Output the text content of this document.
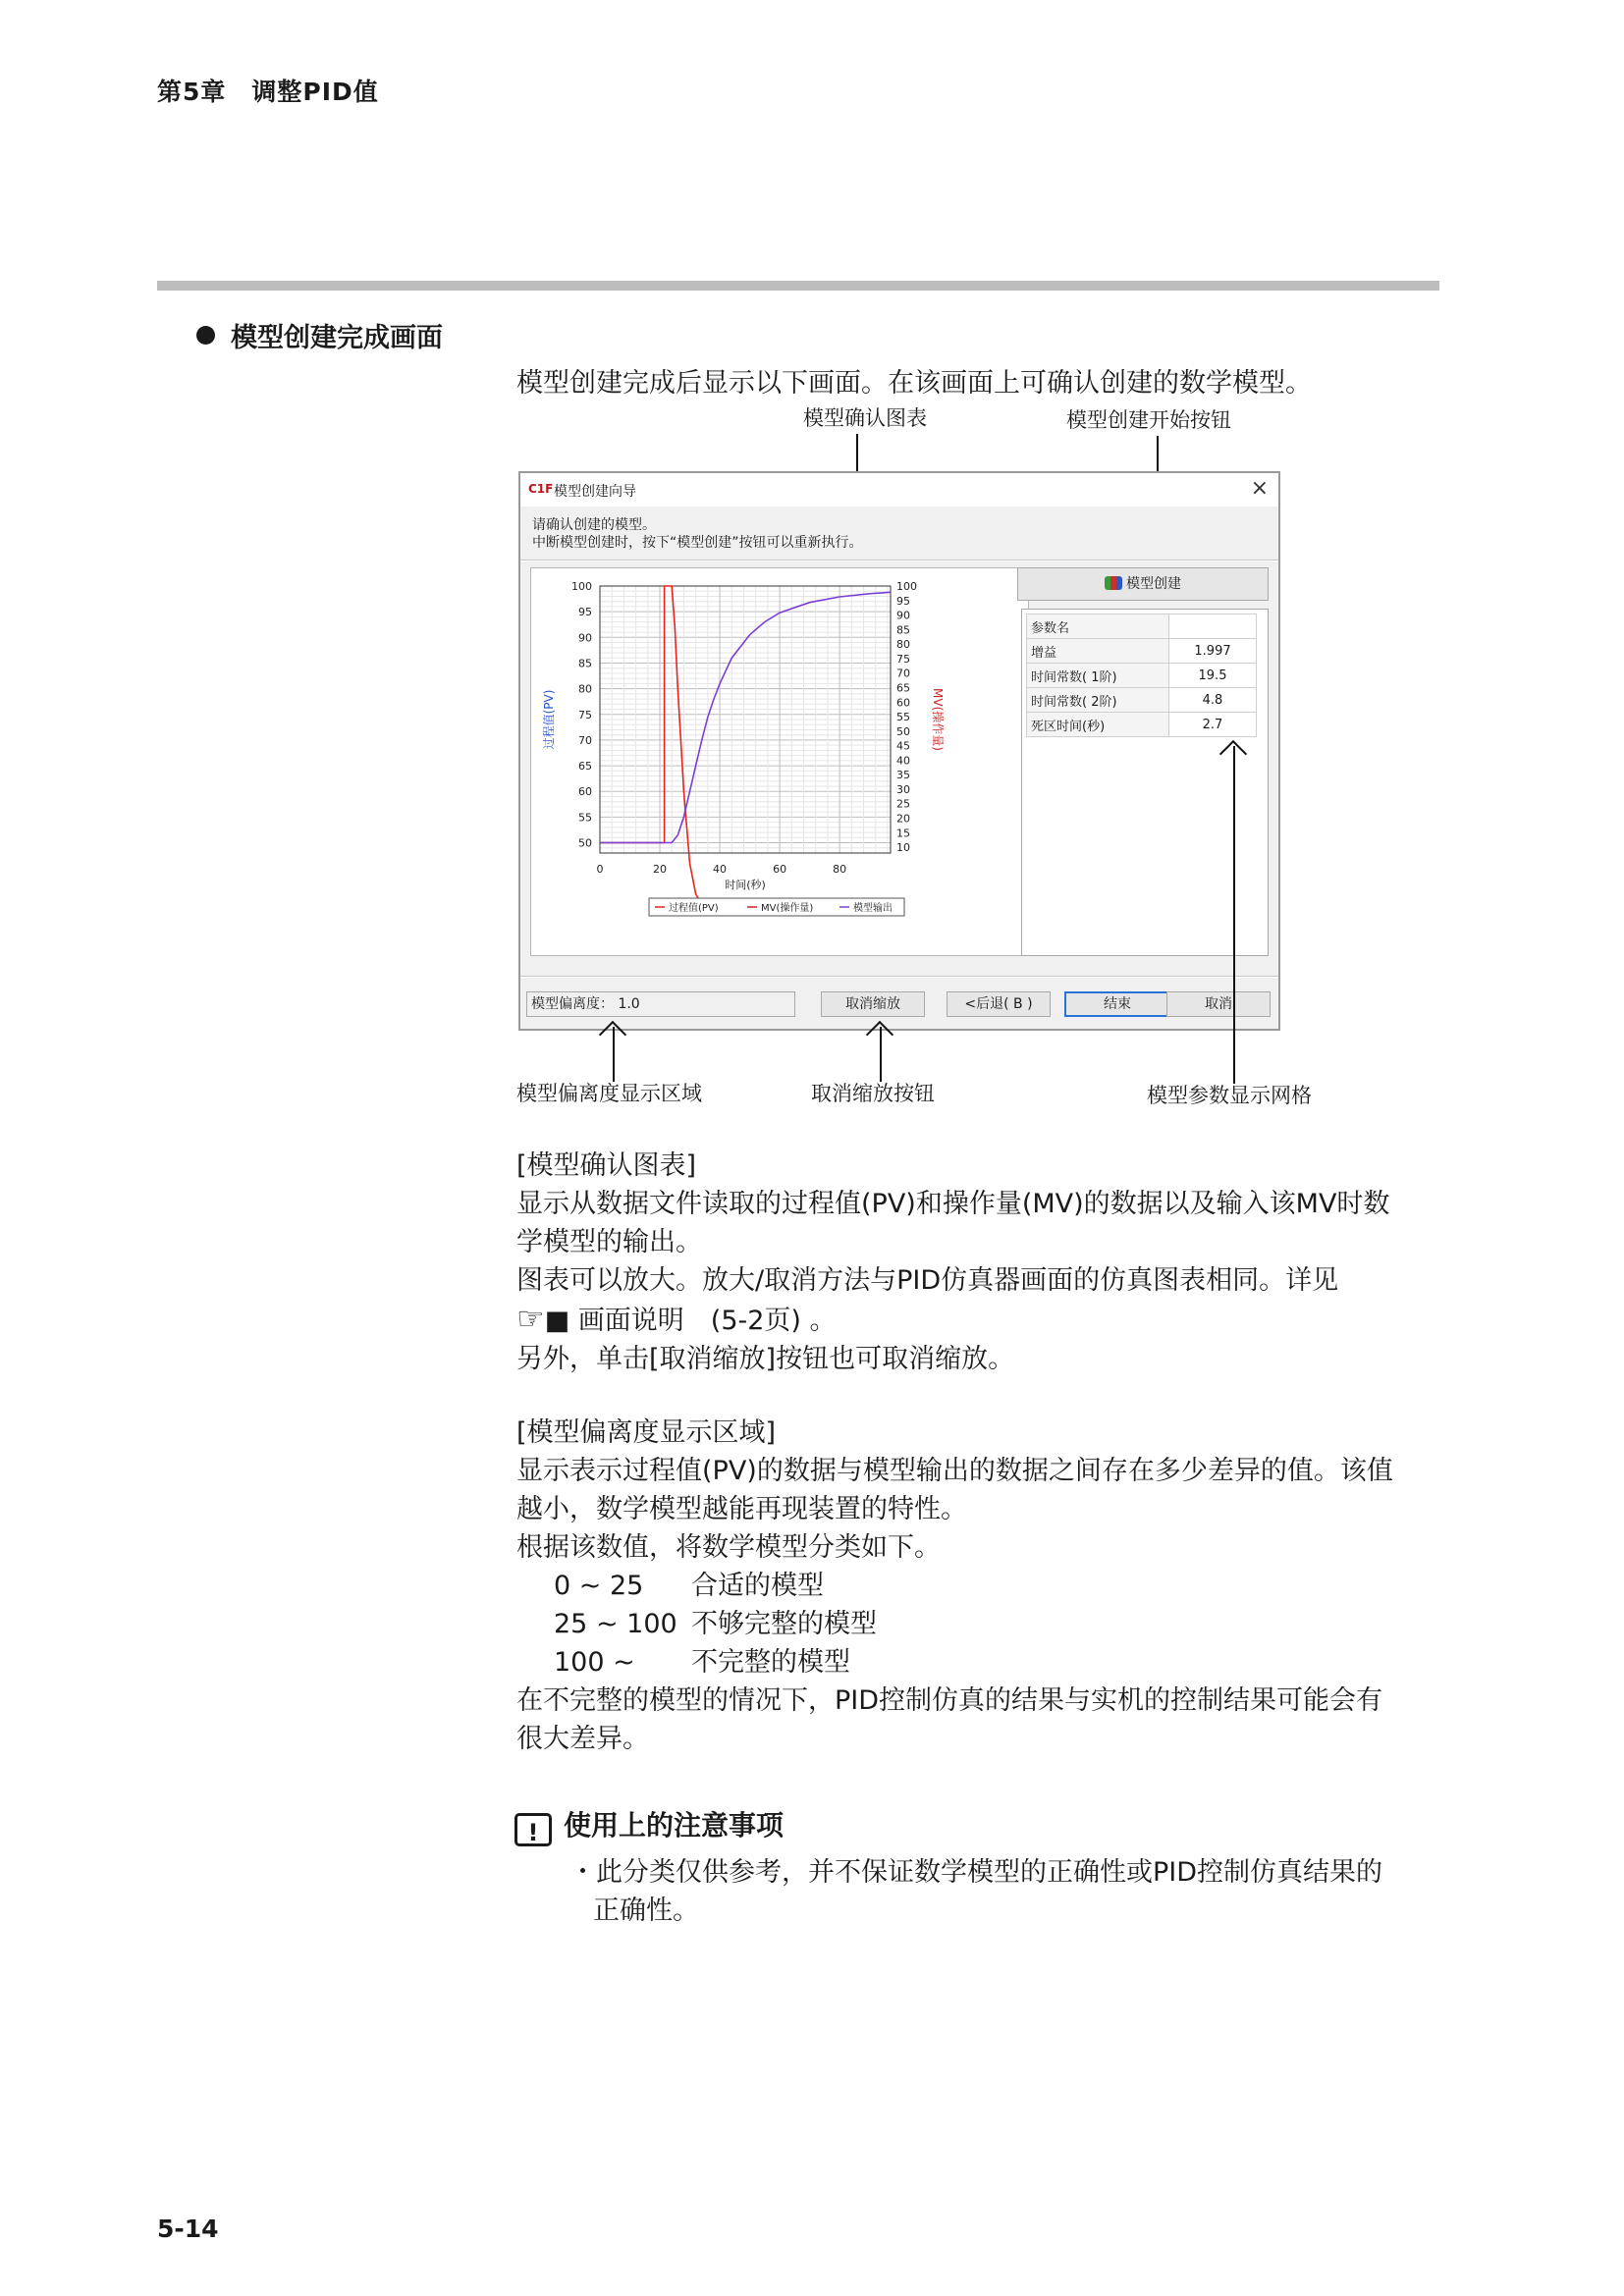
第5章　调整PID值
模型创建完成画面
模型创建完成后显示以下画面。在该画面上可确认创建的数学模型。
模型确认图表	模型创建开始按钮
C1F 模型创建向导	×
请确认创建的模型。
中断模型创建时，按下“模型创建”按钮可以重新执行。
100
95
90
85
80
75
70
65
60
55
50
100
95
90
85
80
75
70
65
60
55
50
45
40
35
30
25
20
15
10
0	20	40	60	80
时间(秒)
过程值(PV)	MV(操作量)
过程值(PV)	MV(操作量)	模型输出
模型创建
参数名	
增益	1.997
时间常数( 1阶)	19.5
时间常数( 2阶)	4.8
死区时间(秒)	2.7
模型偏离度： 1.0	取消缩放	<后退( B )	结束	取消
模型偏离度显示区域	取消缩放按钮	模型参数显示网格

[模型确认图表]

显示从数据文件读取的过程值(PV)和操作量(MV)的数据以及输入该MV时数

学模型的输出。

图表可以放大。放大/取消方法与PID仿真器画面的仿真图表相同。详见

☞■ 画面说明　(5-2页) 。

另外，单击[取消缩放]按钮也可取消缩放。

[模型偏离度显示区域]

显示表示过程值(PV)的数据与模型输出的数据之间存在多少差异的值。该值

越小，数学模型越能再现装置的特性。

根据该数值，将数学模型分类如下。

0 ~ 25 合适的模型

25 ~ 100 不够完整的模型

100 ~ 不完整的模型

在不完整的模型的情况下，PID控制仿真的结果与实机的控制结果可能会有

很大差异。

! 使用上的注意事项

・此分类仅供参考，并不保证数学模型的正确性或PID控制仿真结果的

正确性。

5-14
